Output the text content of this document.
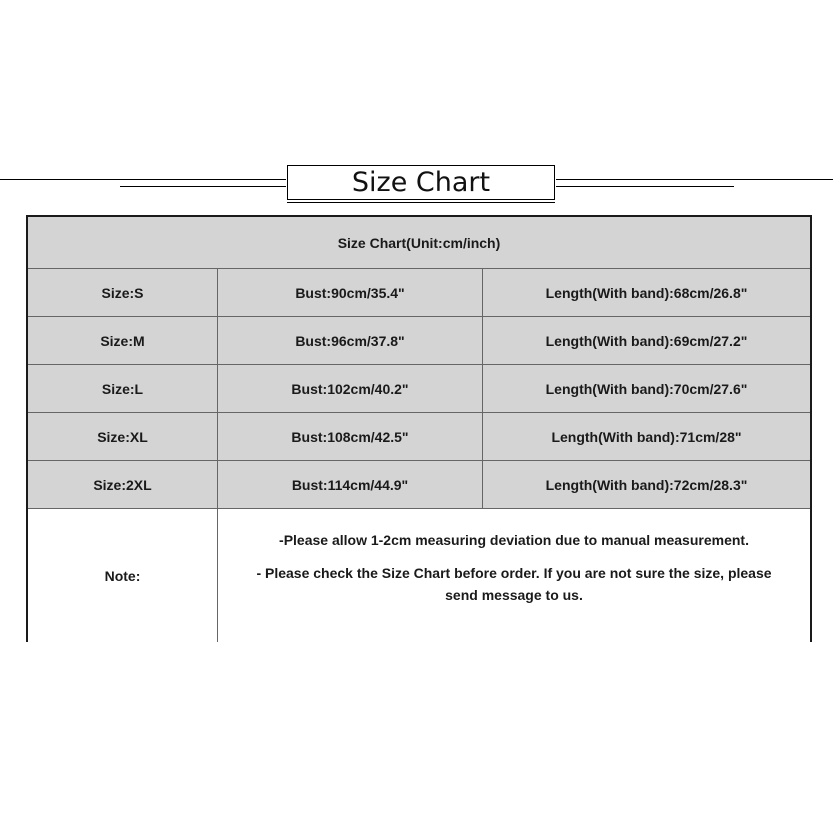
Size Chart
Size Chart(Unit:cm/inch)
Size:S	Bust:90cm/35.4"	Length(With band):68cm/26.8"
Size:M	Bust:96cm/37.8"	Length(With band):69cm/27.2"
Size:L	Bust:102cm/40.2"	Length(With band):70cm/27.6"
Size:XL	Bust:108cm/42.5"	Length(With band):71cm/28"
Size:2XL	Bust:114cm/44.9"	Length(With band):72cm/28.3"
Note:

-Please allow 1-2cm measuring deviation due to manual measurement.

- Please check the Size Chart before order. If you are not sure the size, please send message to us.
